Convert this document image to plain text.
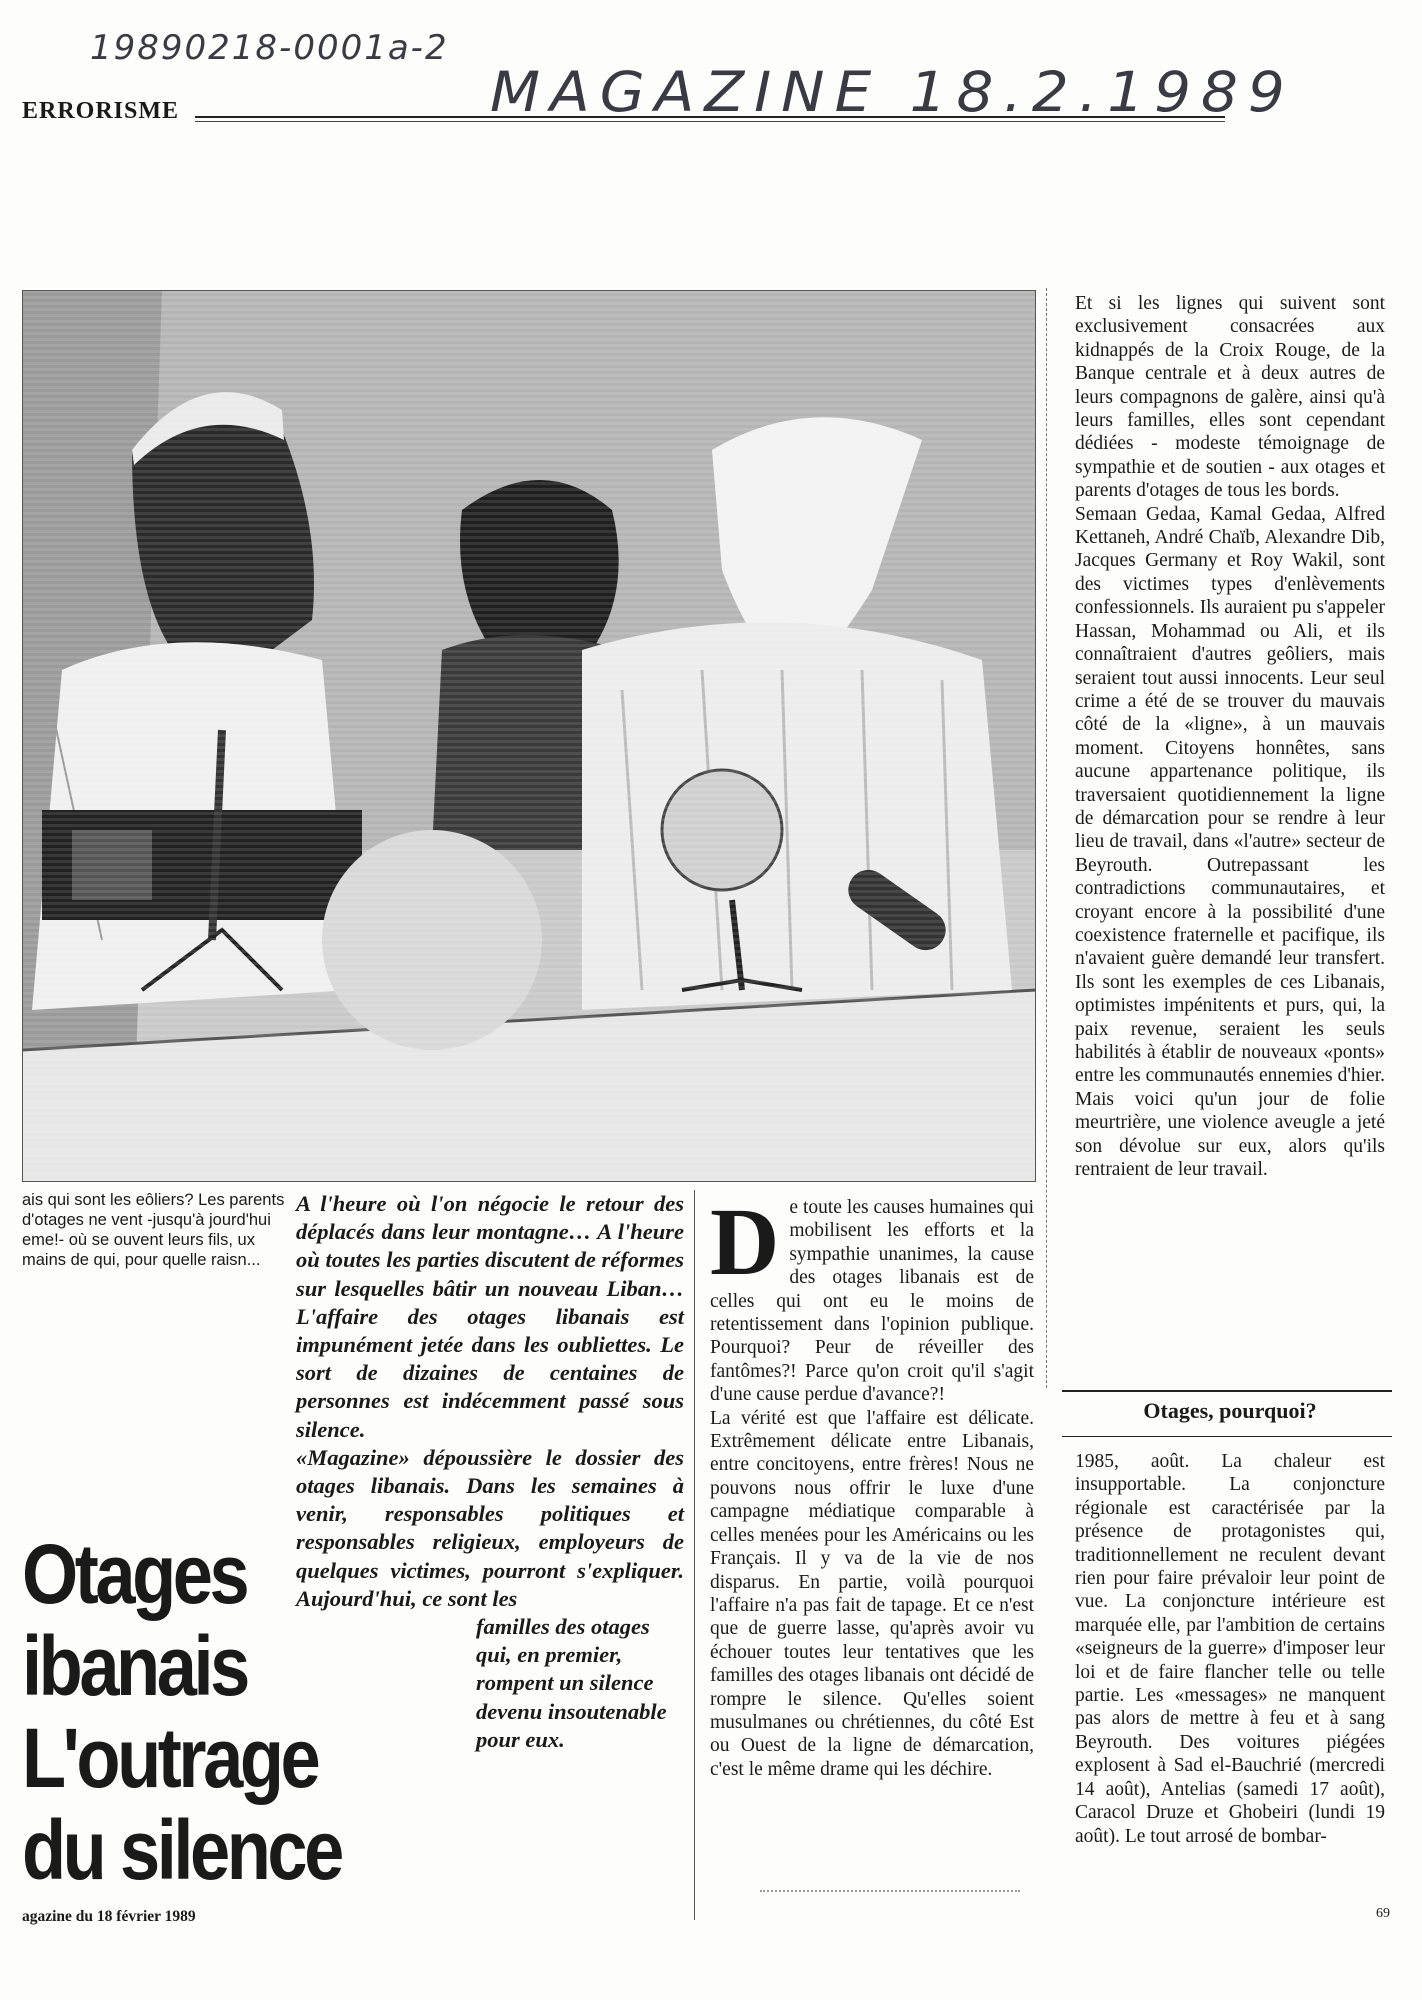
19890218-0001a-2
MAGAZINE 18.2.1989
ERRORISME

Et si les lignes qui suivent sont exclusivement consacrées aux kidnappés de la Croix Rouge, de la Banque centrale et à deux autres de leurs compagnons de galère, ainsi qu'à leurs familles, elles sont cependant dédiées - modeste témoignage de sympathie et de soutien - aux otages et parents d'otages de tous les bords.

Semaan Gedaa, Kamal Gedaa, Alfred Kettaneh, André Chaïb, Alexandre Dib, Jacques Germany et Roy Wakil, sont des victimes types d'enlèvements confessionnels. Ils auraient pu s'appeler Hassan, Mohammad ou Ali, et ils connaîtraient d'autres geôliers, mais seraient tout aussi innocents. Leur seul crime a été de se trouver du mauvais côté de la «ligne», à un mauvais moment. Citoyens honnêtes, sans aucune appartenance politique, ils traversaient quotidiennement la ligne de démarcation pour se rendre à leur lieu de travail, dans «l'autre» secteur de Beyrouth. Outrepassant les contradictions communautaires, et croyant encore à la possibilité d'une coexistence fraternelle et pacifique, ils n'avaient guère demandé leur transfert. Ils sont les exemples de ces Libanais, optimistes impénitents et purs, qui, la paix revenue, seraient les seuls habilités à établir de nouveaux «ponts» entre les communautés ennemies d'hier. Mais voici qu'un jour de folie meurtrière, une violence aveugle a jeté son dévolue sur eux, alors qu'ils rentraient de leur travail.

ais qui sont les eôliers? Les parents d'otages ne vent -jusqu'à jourd'hui eme!- où se ouvent leurs fils, ux mains de qui, pour quelle raisn...

A l'heure où l'on négocie le retour des déplacés dans leur montagne… A l'heure où toutes les parties discutent de réformes sur lesquelles bâtir un nouveau Liban… L'affaire des otages libanais est impunément jetée dans les oubliettes. Le sort de dizaines de centaines de personnes est indécemment passé sous silence.

«Magazine» dépoussière le dossier des otages libanais. Dans les semaines à venir, responsables politiques et responsables religieux, employeurs de quelques victimes, pourront s'expliquer. Aujourd'hui, ce sont les

familles des otages qui, en premier, rompent un silence devenu insoutenable pour eux.

Otages
ibanais
L'outrage
du silence
agazine du 18 février 1989

D e toute les causes humaines qui mobilisent les efforts et la sympathie unanimes, la cause des otages libanais est de celles qui ont eu le moins de retentissement dans l'opinion publique. Pourquoi? Peur de réveiller des fantômes?! Parce qu'on croit qu'il s'agit d'une cause perdue d'avance?!

La vérité est que l'affaire est délicate. Extrêmement délicate entre Libanais, entre concitoyens, entre frères! Nous ne pouvons nous offrir le luxe d'une campagne médiatique comparable à celles menées pour les Américains ou les Français. Il y va de la vie de nos disparus. En partie, voilà pourquoi l'affaire n'a pas fait de tapage. Et ce n'est que de guerre lasse, qu'après avoir vu échouer toutes leur tentatives que les familles des otages libanais ont décidé de rompre le silence. Qu'elles soient musulmanes ou chrétiennes, du côté Est ou Ouest de la ligne de démarcation, c'est le même drame qui les déchire.

Otages, pourquoi?

1985, août. La chaleur est insupportable. La conjoncture régionale est caractérisée par la présence de protagonistes qui, traditionnellement ne reculent devant rien pour faire prévaloir leur point de vue. La conjoncture intérieure est marquée elle, par l'ambition de certains «seigneurs de la guerre» d'imposer leur loi et de faire flancher telle ou telle partie. Les «messages» ne manquent pas alors de mettre à feu et à sang Beyrouth. Des voitures piégées explosent à Sad el-Bauchrié (mercredi 14 août), Antelias (samedi 17 août), Caracol Druze et Ghobeiri (lundi 19 août). Le tout arrosé de bombar-

69
